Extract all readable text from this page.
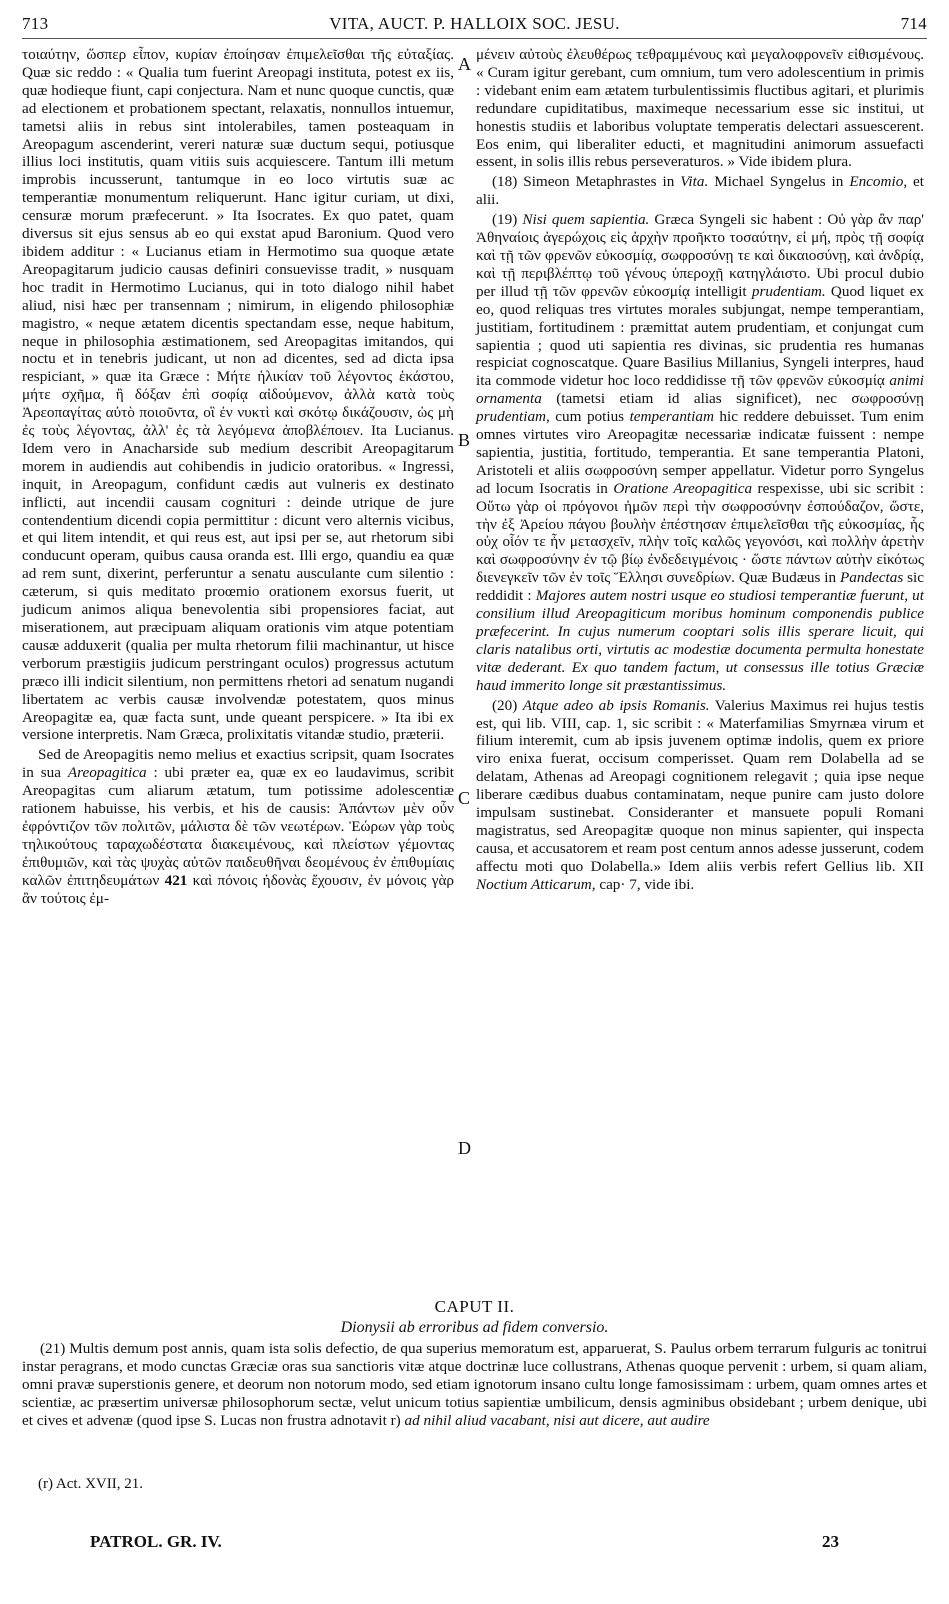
713	VITA, AUCT. P. HALLOIX SOC. JESU.	714

τοιαύτην, ὥσπερ εἶπον, κυρίαν ἐποίησαν ἐπιμελεῖσθαι τῆς εὐταξίας. Quæ sic reddo : « Qualia tum fuerint Areopagi instituta, potest ex iis, quæ hodieque fiunt, capi conjectura. Nam et nunc quoque cunctis, quæ ad electionem et probationem spectant, relaxatis, nonnullos intuemur, tametsi aliis in rebus sint intolerabiles, tamen posteaquam in Areopagum ascenderint, vereri naturæ suæ ductum sequi, potiusque illius loci institutis, quam vitiis suis acquiescere. Tantum illi metum improbis incusserunt, tantumque in eo loco virtutis suæ ac temperantiæ monumentum reliquerunt. Hanc igitur curiam, ut dixi, censuræ morum præfecerunt. » Ita Isocrates. Ex quo patet, quam diversus sit ejus sensus ab eo qui exstat apud Baronium. Quod vero ibidem additur : « Lucianus etiam in Hermotimo sua quoque ætate Areopagitarum judicio causas definiri consuevisse tradit, » nusquam hoc tradit in Hermotimo Lucianus, qui in toto dialogo nihil habet aliud, nisi hæc per transennam ; nimirum, in eligendo philosophiæ magistro, « neque ætatem dicentis spectandam esse, neque habitum, neque in philosophia æstimationem, sed Areopagitas imitandos, qui noctu et in tenebris judicant, ut non ad dicentes, sed ad dicta ipsa respiciant, » quæ ita Græce : Μήτε ἡλικίαν τοῦ λέγοντος ἑκάστου, μήτε σχῆμα, ἢ δόξαν ἐπὶ σοφίᾳ αἰδούμενον, ἀλλὰ κατὰ τοὺς Ἀρεοπαγίτας αὐτὸ ποιοῦντα, οἳ ἐν νυκτὶ καὶ σκότῳ δικάζουσιν, ὡς μὴ ἐς τοὺς λέγοντας, ἀλλ' ἐς τὰ λεγόμενα ἀποβλέποιεν. Ita Lucianus. Idem vero in Anacharside sub medium describit Areopagitarum morem in audiendis aut cohibendis in judicio oratoribus. « Ingressi, inquit, in Areopagum, confidunt cædis aut vulneris ex destinato inflicti, aut incendii causam cogniturі : deinde utrique de jure contendentium dicendi copia permittitur : dicunt vero alternis vicibus, et qui litem intendit, et qui reus est, aut ipsi per se, aut rhetorum sibi conducunt operam, quibus causa oranda est. Illi ergo, quandiu ea quæ ad rem sunt, dixerint, perferuntur a senatu ausculante cum silentio : cæterum, si quis meditato proœmio orationem exorsus fuerit, ut judicum animos aliqua benevolentia sibi propensiores faciat, aut miserationem, aut præcipuam aliquam orationis vim atque potentiam causæ adduxerit (qualia per multa rhetorum filii machinantur, ut hisce verborum præstigiis judicum perstringant oculos) progressus actutum præco illi indicit silentium, non permittens rhetori ad senatum nugandi libertatem ac verbis causæ involvendæ potestatem, quos minus Areopagitæ ea, quæ facta sunt, unde queant perspicere. » Ita ibi ex versione interpretis. Nam Græca, prolixitatis vitandæ studio, præterii.

Sed de Areopagitis nemo melius et exactius scripsit, quam Isocrates in sua Areopagitica : ubi præter ea, quæ ex eo laudavimus, scribit Areopagitas cum aliarum ætatum, tum potissime adolescentiæ rationem habuisse, his verbis, et his de causis: Ἁπάντων μὲν οὖν ἐφρόντιζον τῶν πολιτῶν, μάλιστα δὲ τῶν νεωτέρων. Ἑώρων γὰρ τοὺς τηλικούτους ταραχωδέστατα διακειμένους, καὶ πλείστων γέμοντας ἐπιθυμιῶν, καὶ τὰς ψυχὰς αὐτῶν παιδευθῆναι δεομένους ἐν ἐπιθυμίαις καλῶν ἐπιτηδευμάτων 421 καὶ πόνοις ἡδονὰς ἔχουσιν, ἐν μόνοις γὰρ ἂν τούτοις ἐμ-

A
B
C
D

μένειν αὐτοὺς ἐλευθέρως τεθραμμένους καὶ μεγαλοφρονεῖν εἰθισμένους. « Curam igitur gerebant, cum omnium, tum vero adolescentium in primis : videbant enim eam ætatem turbulentissimis fluctibus agitari, et plurimis redundare cupiditatibus, maximeque necessarium esse sic institui, ut honestis studiis et laboribus voluptate temperatis delectari assuescerent. Eos enim, qui liberaliter educti, et magnitudini animorum assuefacti essent, in solis illis rebus perseveraturos. » Vide ibidem plura.

(18) Simeon Metaphrastes in Vita. Michael Syngelus in Encomio, et alii.

(19) Nisi quem sapientia. Græca Syngeli sic habent : Οὐ γὰρ ἂν παρ' Ἀθηναίοις ἀγερώχοις εἰς ἀρχὴν προῆκτο τοσαύτην, εἰ μή, πρὸς τῇ σοφίᾳ καὶ τῇ τῶν φρενῶν εὐκοσμίᾳ, σωφροσύνῃ τε καὶ δικαιοσύνῃ, καὶ ἀνδρίᾳ, καὶ τῇ περιβλέπτῳ τοῦ γένους ὑπεροχῇ κατηγλάιστο. Ubi procul dubio per illud τῇ τῶν φρενῶν εὐκοσμίᾳ intelligit prudentiam. Quod liquet ex eo, quod reliquas tres virtutes morales subjungat, nempe temperantiam, justitiam, fortitudinem : præmittat autem prudentiam, et conjungat cum sapientia ; quod uti sapientia res divinas, sic prudentia res humanas respiciat cognoscatque. Quare Basilius Millanius, Syngeli interpres, haud ita commode videtur hoc loco reddidisse τῇ τῶν φρενῶν εὐκοσμίᾳ animi ornamenta (tametsi etiam id alias significet), nec σωφροσύνῃ prudentiam, cum potius temperantiam hic reddere debuisset. Tum enim omnes virtutes viro Areopagitæ necessariæ indicatæ fuissent : nempe sapientia, justitia, fortitudo, temperantia. Et sane temperantia Platoni, Aristoteli et aliis σωφροσύνη semper appellatur. Videtur porro Syngelus ad locum Isocratis in Oratione Areopagitica respexisse, ubi sic scribit : Οὕτω γὰρ οἱ πρόγονοι ἡμῶν περὶ τὴν σωφροσύνην ἐσπούδαζον, ὥστε, τὴν ἐξ Ἀρείου πάγου βουλὴν ἐπέστησαν ἐπιμελεῖσθαι τῆς εὐκοσμίας, ἧς οὐχ οἷόν τε ἦν μετασχεῖν, πλὴν τοῖς καλῶς γεγονόσι, καὶ πολλὴν ἀρετὴν καὶ σωφροσύνην ἐν τῷ βίῳ ἐνδεδειγμένοις · ὥστε πάντων αὐτὴν εἰκότως διενεγκεῖν τῶν ἐν τοῖς Ἕλλησι συνεδρίων. Quæ Budæus in Pandectas sic reddidit : Majores autem nostri usque eo studiosi temperantiæ fuerunt, ut consilium illud Areopagiticum moribus hominum componendis publice præfecerint. In cujus numerum cooptari solis illis sperare licuit, qui claris natalibus orti, virtutis ac modestiæ documenta permulta honestate vitæ dederant. Ex quo tandem factum, ut consessus ille totius Græciæ haud immerito longe sit præstantissimus.

(20) Atque adeo ab ipsis Romanis. Valerius Maximus rei hujus testis est, qui lib. VIII, cap. 1, sic scribit : « Materfamilias Smyrnæa virum et filium interemit, cum ab ipsis juvenem optimæ indolis, quem ex priore viro enixa fuerat, occisum comperisset. Quam rem Dolabella ad se delatam, Athenas ad Areopagi cognitionem relegavit ; quia ipse neque liberare cædibus duabus contaminatam, neque punire cam justo dolore impulsam sustinebat. Consideranter et mansuete populi Romani magistratus, sed Areopagitæ quoque non minus sapienter, qui inspecta causa, et accusatorem et ream post centum annos adesse jusserunt, codem affectu moti quo Dolabella.» Idem aliis verbis refert Gellius lib. XII Noctium Atticarum, cap· 7, vide ibi.

CAPUT II.
Dionysii ab erroribus ad fidem conversio.
(21) Multis demum post annis, quam ista solis defectio, de qua superius memoratum est, apparuerat, S. Paulus orbem terrarum fulguris ac tonitrui instar peragrans, et modo cunctas Græciæ oras sua sanctioris vitæ atque doctrinæ luce collustrans, Athenas quoque pervenit : urbem, si quam aliam, omni pravæ superstionis genere, et deorum non notorum modo, sed etiam ignotorum insano cultu longe famosissimam : urbem, quam omnes artes et scientiæ, ac præsertim universæ philosophorum sectæ, velut unicum totius sapientiæ umbilicum, densis agminibus obsidebant ; urbem denique, ubi et cives et advenæ (quod ipse S. Lucas non frustra adnotavit r) ad nihil aliud vacabant, nisi aut dicere, aut audire
(r) Act. XVII, 21.
PATROL. GR. IV.	23
